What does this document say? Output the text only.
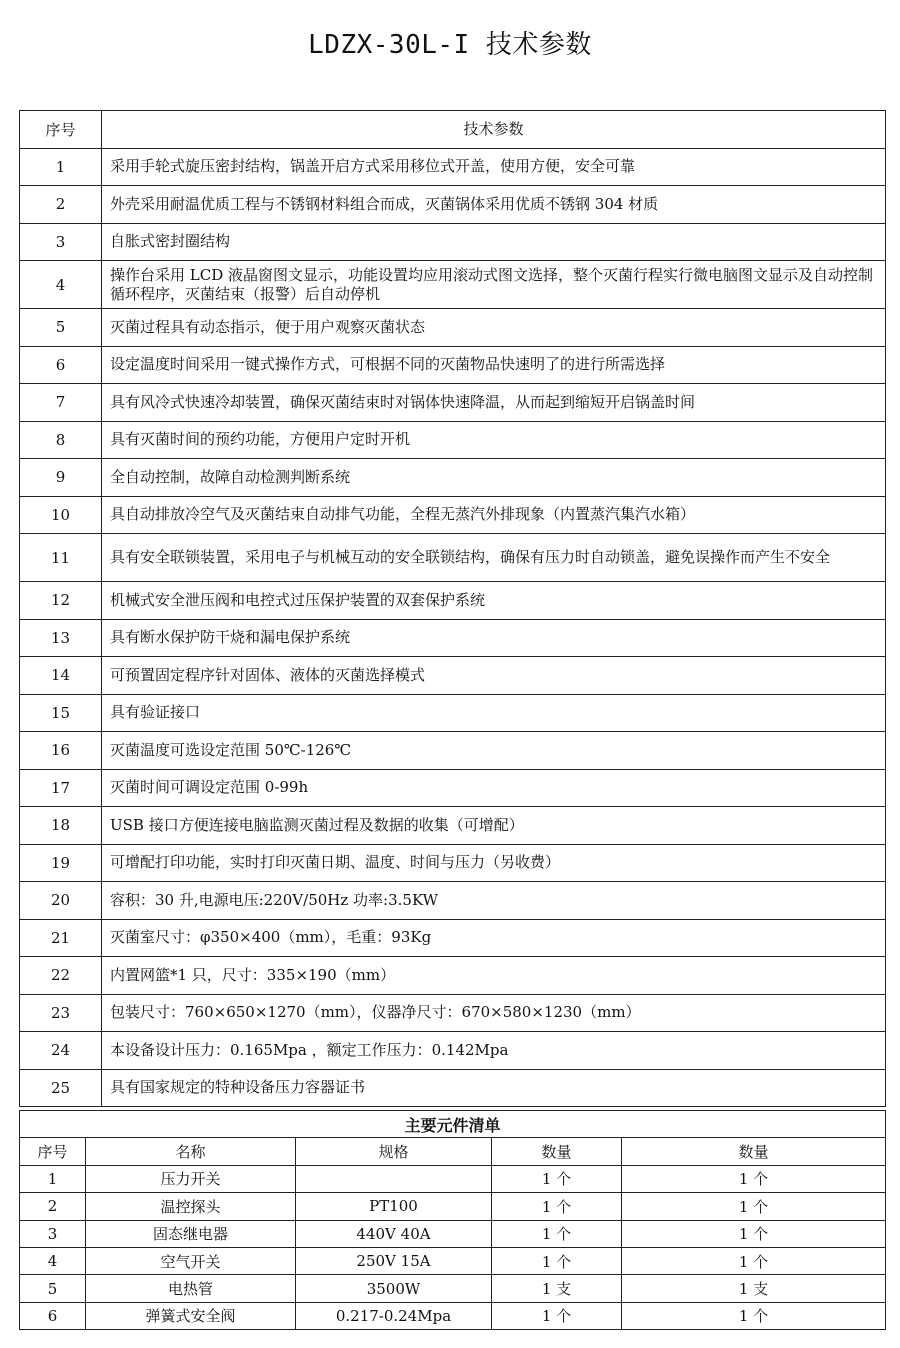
LDZX-30L-I 技术参数
序号	技术参数
1	采用手轮式旋压密封结构，锅盖开启方式采用移位式开盖，使用方便，安全可靠
2	外壳采用耐温优质工程与不锈钢材料组合而成，灭菌锅体采用优质不锈钢 304 材质
3	自胀式密封圈结构
4	操作台采用 LCD 液晶窗图文显示，功能设置均应用滚动式图文选择，整个灭菌行程实行微电脑图文显示及自动控制循环程序，灭菌结束（报警）后自动停机
5	灭菌过程具有动态指示，便于用户观察灭菌状态
6	设定温度时间采用一键式操作方式，可根据不同的灭菌物品快速明了的进行所需选择
7	具有风冷式快速冷却装置，确保灭菌结束时对锅体快速降温，从而起到缩短开启锅盖时间
8	具有灭菌时间的预约功能，方便用户定时开机
9	全自动控制，故障自动检测判断系统
10	具自动排放冷空气及灭菌结束自动排气功能，全程无蒸汽外排现象（内置蒸汽集汽水箱）
11	具有安全联锁装置，采用电子与机械互动的安全联锁结构，确保有压力时自动锁盖，避免误操作而产生不安全
12	机械式安全泄压阀和电控式过压保护装置的双套保护系统
13	具有断水保护防干烧和漏电保护系统
14	可预置固定程序针对固体、液体的灭菌选择模式
15	具有验证接口
16	灭菌温度可选设定范围 50℃-126℃
17	灭菌时间可调设定范围 0-99h
18	USB 接口方便连接电脑监测灭菌过程及数据的收集（可增配）
19	可增配打印功能，实时打印灭菌日期、温度、时间与压力（另收费）
20	容积：30 升,电源电压:220V/50Hz 功率:3.5KW
21	灭菌室尺寸：φ350×400（mm），毛重：93Kg
22	内置网篮*1 只，尺寸：335×190（mm）
23	包装尺寸：760×650×1270（mm），仪器净尺寸：670×580×1230（mm）
24	本设备设计压力：0.165Mpa ，额定工作压力：0.142Mpa
25	具有国家规定的特种设备压力容器证书
主要元件清单				
序号	名称	规格	数量	数量
1	压力开关		1 个	1 个
2	温控探头	PT100	1 个	1 个
3	固态继电器	440V 40A	1 个	1 个
4	空气开关	250V 15A	1 个	1 个
5	电热管	3500W	1 支	1 支
6	弹簧式安全阀	0.217-0.24Mpa	1 个	1 个
